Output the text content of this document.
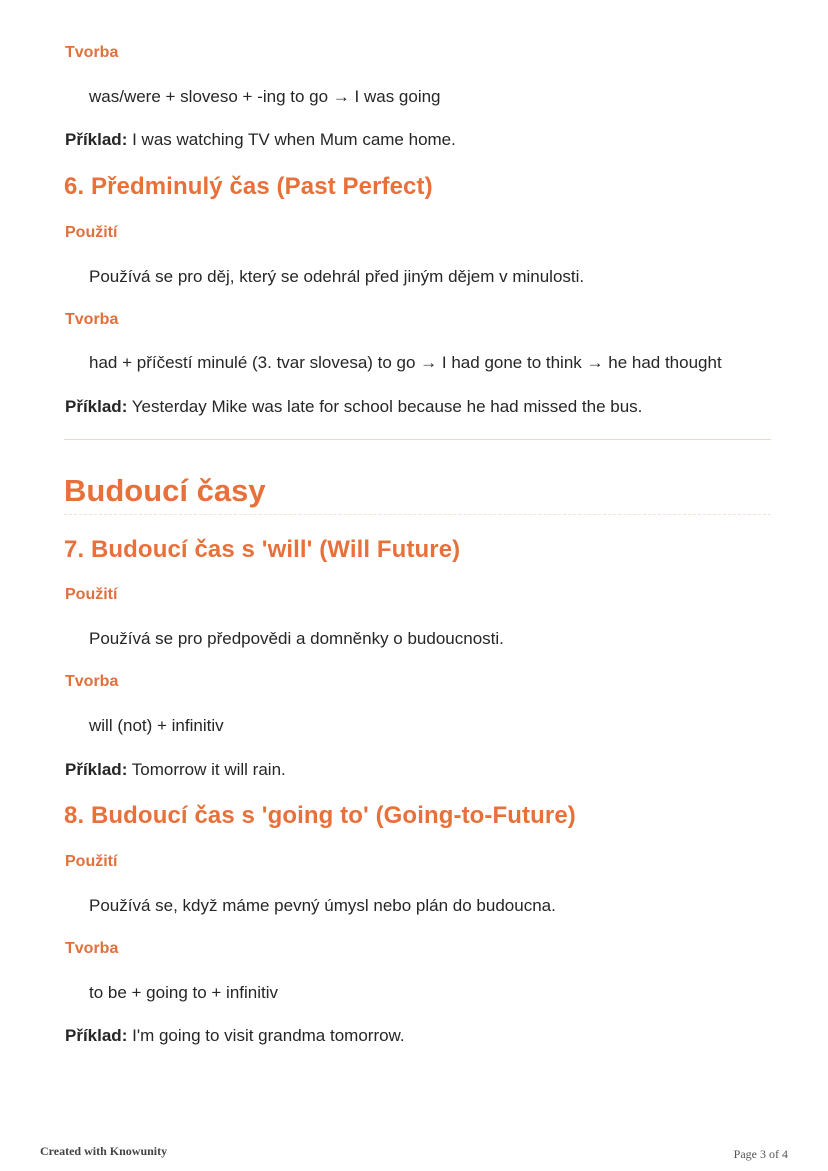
Tvorba
was/were + sloveso + -ing to go → I was going
Příklad: I was watching TV when Mum came home.
6. Předminulý čas (Past Perfect)
Použití
Používá se pro děj, který se odehrál před jiným dějem v minulosti.
Tvorba
had + příčestí minulé (3. tvar slovesa) to go → I had gone to think → he had thought
Příklad: Yesterday Mike was late for school because he had missed the bus.
Budoucí časy
7. Budoucí čas s 'will' (Will Future)
Použití
Používá se pro předpovědi a domněnky o budoucnosti.
Tvorba
will (not) + infinitiv
Příklad: Tomorrow it will rain.
8. Budoucí čas s 'going to' (Going-to-Future)
Použití
Používá se, když máme pevný úmysl nebo plán do budoucna.
Tvorba
to be + going to + infinitiv
Příklad: I'm going to visit grandma tomorrow.
Created with Knowunity	Page 3 of 4
